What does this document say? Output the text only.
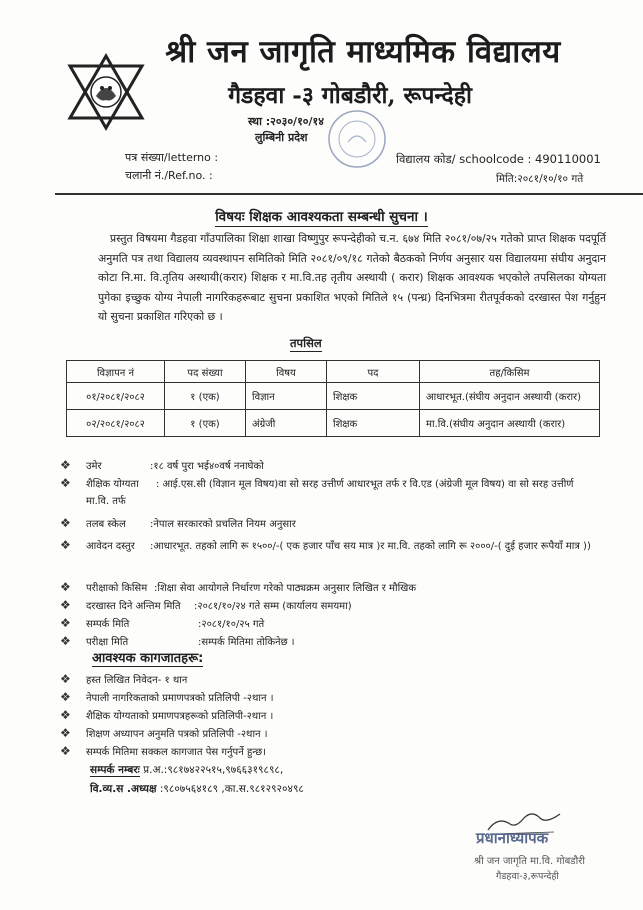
श्री जन जागृति माध्यमिक विद्यालय
गैडहवा -३ गोबडौरी, रूपन्देही
स्था :२०३०/१०/१४
लुम्बिनी प्रदेश
पत्र संख्या/letterno :
चलानी नं./Ref.no. :
विद्यालय कोड/ schoolcode : 490110001
मिति:२०८१/१०/१० गते
विषयः शिक्षक आवश्यकता सम्बन्धी सुचना ।
प्रस्तुत विषयमा गैडहवा गाँउपालिका शिक्षा शाखा विष्णुपुर रूपन्देहीको च.न. ६७४ मिति २०८१/०७/२५ गतेको प्राप्त शिक्षक पदपूर्ति अनुमति पत्र तथा विद्यालय व्यवस्थापन समितिको मिति २०८१/०९/१८ गतेको बैठकको निर्णय अनुसार यस विद्यालयमा संघीय अनुदान कोटा नि.मा. वि.तृतिय अस्थायी(करार) शिक्षक र मा.वि.तह तृतीय अस्थायी ( करार) शिक्षक आवश्यक भएकोले तपसिलका योग्यता पुगेका इच्छुक योग्य नेपाली नागरिकहरूबाट सुचना प्रकाशित भएको मितिले १५ (पन्ध्र) दिनभित्रमा रीतपूर्वकको दरखास्त पेश गर्नुहुन यो सुचना प्रकाशित गरिएको छ ।
तपसिल
विज्ञापन नं	पद संख्या	विषय	पद	तह/किसिम
०१/२०८१/२०८२	१ (एक)	विज्ञान	शिक्षक	आधारभूत.(संघीय अनुदान अस्थायी (करार)
०२/२०८१/२०८२	१ (एक)	अंग्रेजी	शिक्षक	मा.वि.(संघीय अनुदान अस्थायी (करार)
❖ उमेर	:१८ वर्ष पुरा भई४०वर्ष ननाघेको
❖ शैक्षिक योग्यता : आई.एस.सी (विज्ञान मूल विषय)वा सो सरह उत्तीर्ण आधारभूत तर्फ र वि.एड (अंग्रेजी मूल विषय) वा सो सरह उत्तीर्ण मा.वि. तर्फ
❖ तलब स्केल :नेपाल सरकारको प्रचलित नियम अनुसार
❖ आवेदन दस्तुर :आधारभूत. तहको लागि रू १५००/-( एक हजार पाँच सय मात्र )र मा.वि. तहको लागि रू २०००/-( दुई हजार रूपैयाँ मात्र ))
❖ परीक्षाको किसिम :शिक्षा सेवा आयोगले निर्धारण गरेको पाठ्यक्रम अनुसार लिखित र मौखिक
❖ दरखास्त दिने अन्तिम मिति :२०८१/१०/२४ गते सम्म (कार्यालय समयमा)
❖ सम्पर्क मिति	:२०८१/१०/२५ गते
❖ परीक्षा मिति	:सम्पर्क मितिमा तोकिनेछ ।
आवश्यक कागजातहरू:
❖ हस्त लिखित निवेदन- १ थान
❖ नेपाली नागरिकताको प्रमाणपत्रको प्रतिलिपी -२थान ।
❖ शैक्षिक योग्यताको प्रमाणपत्रहरूको प्रतिलिपी-२थान ।
❖ शिक्षण अध्यापन अनुमति पत्रको प्रतिलिपी -२थान ।
❖ सम्पर्क मितिमा सक्कल कागजात पेस गर्नुपर्ने हुन्छ।
सम्पर्क नम्बरः प्र.अ.:९८१७४२२५१५,९७६६३१९८९८,
वि.व्य.स .अध्यक्ष :९८०७५६४१८९ ,का.स.९८१२९२०४९८
प्रधानाध्यापक
श्री जन जागृति मा.वि. गोबडौरी
गैडहवा-३,रूपन्देही
